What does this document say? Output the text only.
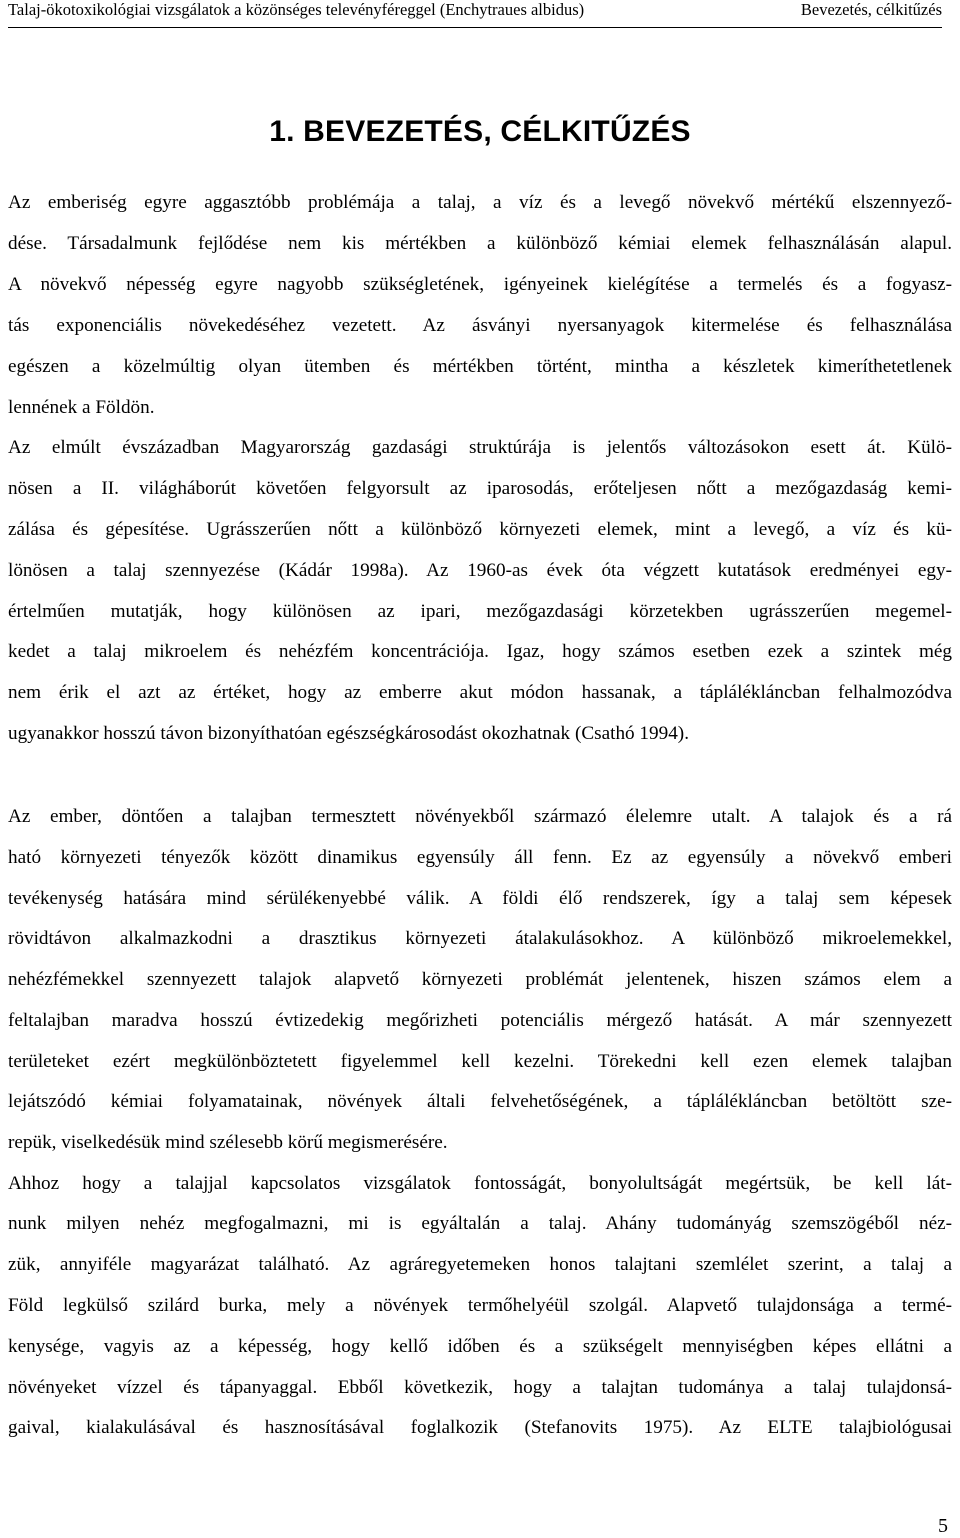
Talaj-ökotoxikológiai vizsgálatok a közönséges televényféreggel (Enchytraues albidus)	Bevezetés, célkitűzés
1. BEVEZETÉS, CÉLKITŰZÉS
Az emberiség egyre aggasztóbb problémája a talaj, a víz és a levegő növekvő mértékű elszennyező-
dése. Társadalmunk fejlődése nem kis mértékben a különböző kémiai elemek felhasználásán alapul.
A növekvő népesség egyre nagyobb szükségletének, igényeinek kielégítése a termelés és a fogyasz-
tás exponenciális növekedéséhez vezetett. Az ásványi nyersanyagok kitermelése és felhasználása
egészen a közelmúltig olyan ütemben és mértékben történt, mintha a készletek kimeríthetetlenek
lennének a Földön.
Az elmúlt évszázadban Magyarország gazdasági struktúrája is jelentős változásokon esett át. Külö-
nösen a II. világháborút követően felgyorsult az iparosodás, erőteljesen nőtt a mezőgazdaság kemi-
zálása és gépesítése. Ugrásszerűen nőtt a különböző környezeti elemek, mint a levegő, a víz és kü-
lönösen a talaj szennyezése (Kádár 1998a). Az 1960-as évek óta végzett kutatások eredményei egy-
értelműen mutatják, hogy különösen az ipari, mezőgazdasági körzetekben ugrásszerűen megemel-
kedet a talaj mikroelem és nehézfém koncentrációja. Igaz, hogy számos esetben ezek a szintek még
nem érik el azt az értéket, hogy az emberre akut módon hassanak, a táplálékláncban felhalmozódva
ugyanakkor hosszú távon bizonyíthatóan egészségkárosodást okozhatnak (Csathó 1994).
Az ember, döntően a talajban termesztett növényekből származó élelemre utalt. A talajok és a rá
ható környezeti tényezők között dinamikus egyensúly áll fenn. Ez az egyensúly a növekvő emberi
tevékenység hatására mind sérülékenyebbé válik. A földi élő rendszerek, így a talaj sem képesek
rövidtávon alkalmazkodni a drasztikus környezeti átalakulásokhoz. A különböző mikroelemekkel,
nehézfémekkel szennyezett talajok alapvető környezeti problémát jelentenek, hiszen számos elem a
feltalajban maradva hosszú évtizedekig megőrizheti potenciális mérgező hatását. A már szennyezett
területeket ezért megkülönböztetett figyelemmel kell kezelni. Törekedni kell ezen elemek talajban
lejátszódó kémiai folyamatainak, növények általi felvehetőségének, a táplálékláncban betöltött sze-
repük, viselkedésük mind szélesebb körű megismerésére.
Ahhoz hogy a talajjal kapcsolatos vizsgálatok fontosságát, bonyolultságát megértsük, be kell lát-
nunk milyen nehéz megfogalmazni, mi is egyáltalán a talaj. Ahány tudományág szemszögéből néz-
zük, annyiféle magyarázat található. Az agráregyetemeken honos talajtani szemlélet szerint, a talaj a
Föld legkülső szilárd burka, mely a növények termőhelyéül szolgál. Alapvető tulajdonsága a termé-
kenysége, vagyis az a képesség, hogy kellő időben és a szükségelt mennyiségben képes ellátni a
növényeket vízzel és tápanyaggal. Ebből következik, hogy a talajtan tudománya a talaj tulajdonsá-
gaival, kialakulásával és hasznosításával foglalkozik (Stefanovits 1975). Az ELTE talajbiológusai
5
